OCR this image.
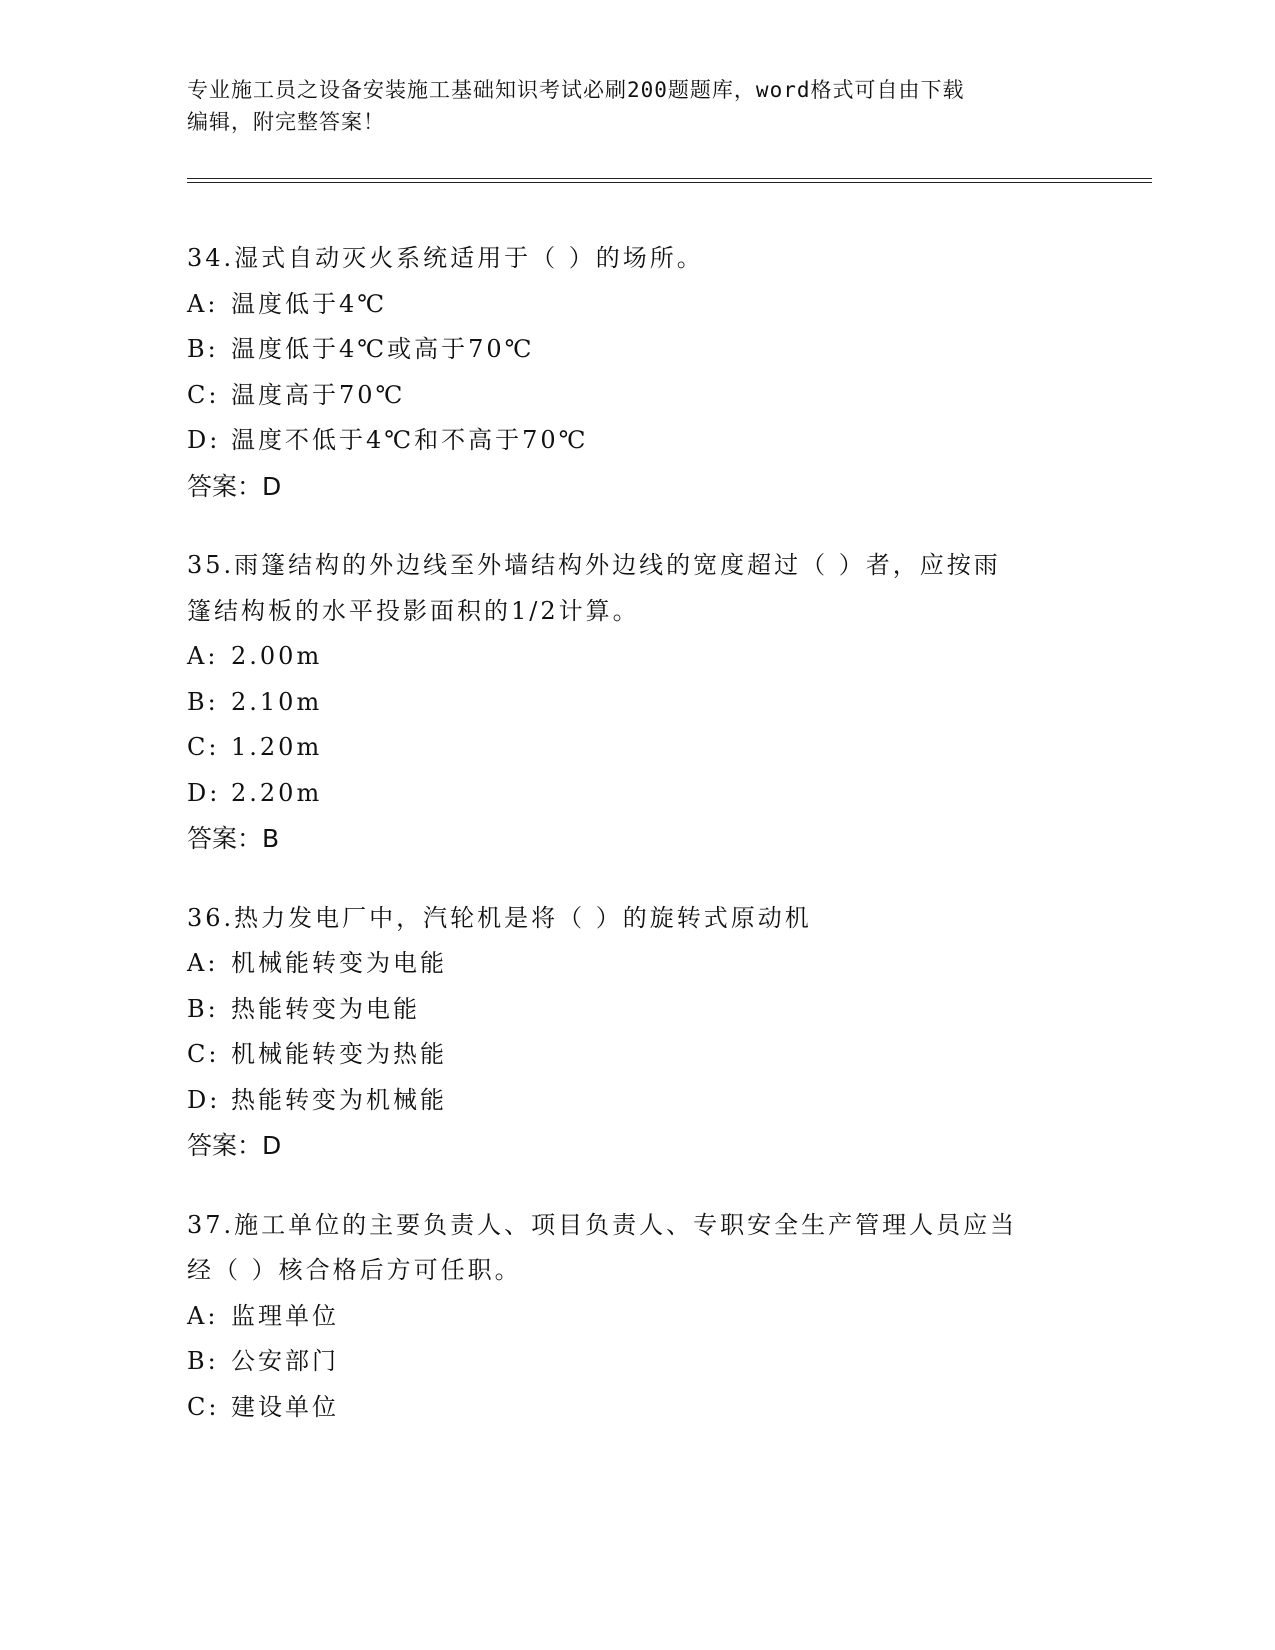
专业施工员之设备安装施工基础知识考试必刷200题题库，word格式可自由下载
编辑，附完整答案！
34.湿式自动灭火系统适用于（ ）的场所。
A: 温度低于4℃
B: 温度低于4℃或高于70℃
C: 温度高于70℃
D: 温度不低于4℃和不高于70℃
答案：D
35.雨篷结构的外边线至外墙结构外边线的宽度超过（ ）者，应按雨
篷结构板的水平投影面积的1/2计算。
A: 2.00m
B: 2.10m
C: 1.20m
D: 2.20m
答案：B
36.热力发电厂中，汽轮机是将（ ）的旋转式原动机
A: 机械能转变为电能
B: 热能转变为电能
C: 机械能转变为热能
D: 热能转变为机械能
答案：D
37.施工单位的主要负责人、项目负责人、专职安全生产管理人员应当
经（ ）核合格后方可任职。
A: 监理单位
B: 公安部门
C: 建设单位
